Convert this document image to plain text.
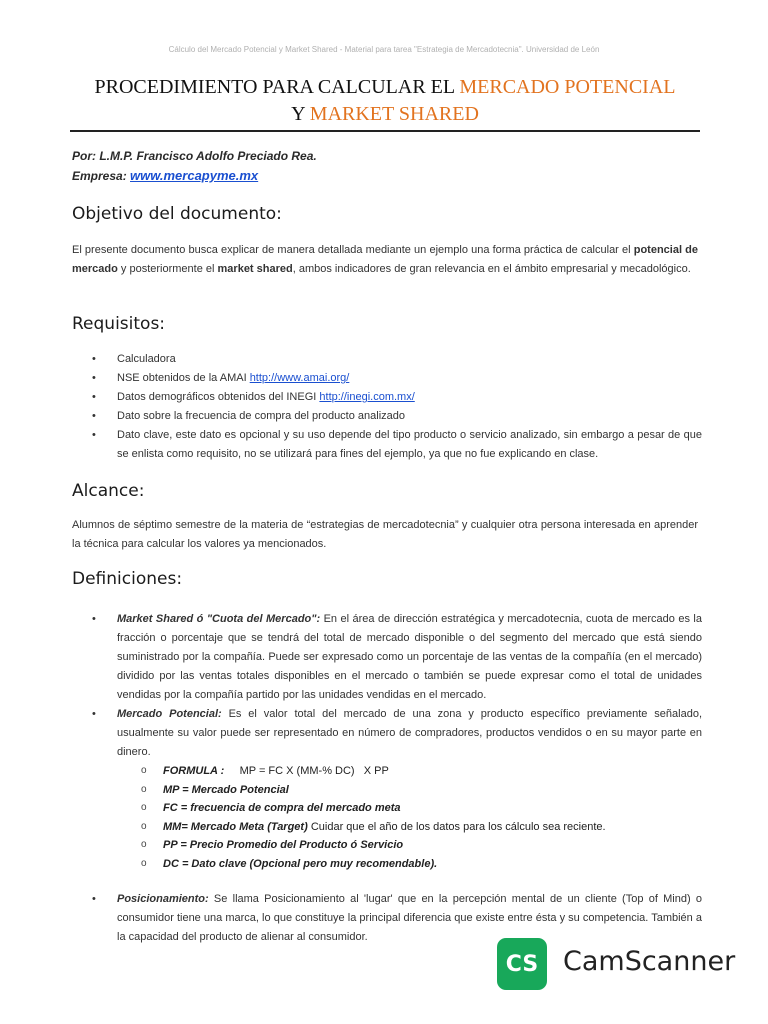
Cálculo del Mercado Potencial y Market Shared - Material para tarea "Estrategia de Mercadotecnia". Universidad de León
PROCEDIMIENTO PARA CALCULAR EL MERCADO POTENCIAL
Y MARKET SHARED
Por: L.M.P. Francisco Adolfo Preciado Rea.
Empresa: www.mercapyme.mx
Objetivo del documento:

El presente documento busca explicar de manera detallada mediante un ejemplo una forma práctica de calcular el potencial de mercado y posteriormente el market shared, ambos indicadores de gran relevancia en el ámbito empresarial y mecadológico.

Requisitos:
• Calculadora
• NSE obtenidos de la AMAI http://www.amai.org/
• Datos demográficos obtenidos del INEGI http://inegi.com.mx/
• Dato sobre la frecuencia de compra del producto analizado
• Dato clave, este dato es opcional y su uso depende del tipo producto o servicio analizado, sin embargo a pesar de que se enlista como requisito, no se utilizará para fines del ejemplo, ya que no fue explicando en clase.
Alcance:

Alumnos de séptimo semestre de la materia de “estrategias de mercadotecnia” y cualquier otra persona interesada en aprender la técnica para calcular los valores ya mencionados.

Definiciones:
• Market Shared ó "Cuota del Mercado": En el área de dirección estratégica y mercadotecnia, cuota de mercado es la fracción o porcentaje que se tendrá del total de mercado disponible o del segmento del mercado que está siendo suministrado por la compañía. Puede ser expresado como un porcentaje de las ventas de la compañía (en el mercado) dividido por las ventas totales disponibles en el mercado o también se puede expresar como el total de unidades vendidas por la compañía partido por las unidades vendidas en el mercado.
• Mercado Potencial: Es el valor total del mercado de una zona y producto específico previamente señalado, usualmente su valor puede ser representado en número de compradores, productos vendidos o en su mayor parte en dinero.
o FORMULA :     MP = FC X (MM-% DC)   X PP
o MP = Mercado Potencial
o FC = frecuencia de compra del mercado meta
o MM= Mercado Meta (Target) Cuidar que el año de los datos para los cálculo sea reciente.
o PP = Precio Promedio del Producto ó Servicio
o DC = Dato clave (Opcional pero muy recomendable).
• Posicionamiento: Se llama Posicionamiento al 'lugar' que en la percepción mental de un cliente (Top of Mind) o consumidor tiene una marca, lo que constituye la principal diferencia que existe entre ésta y su competencia. También a la capacidad del producto de alienar al consumidor.
CS CamScanner
